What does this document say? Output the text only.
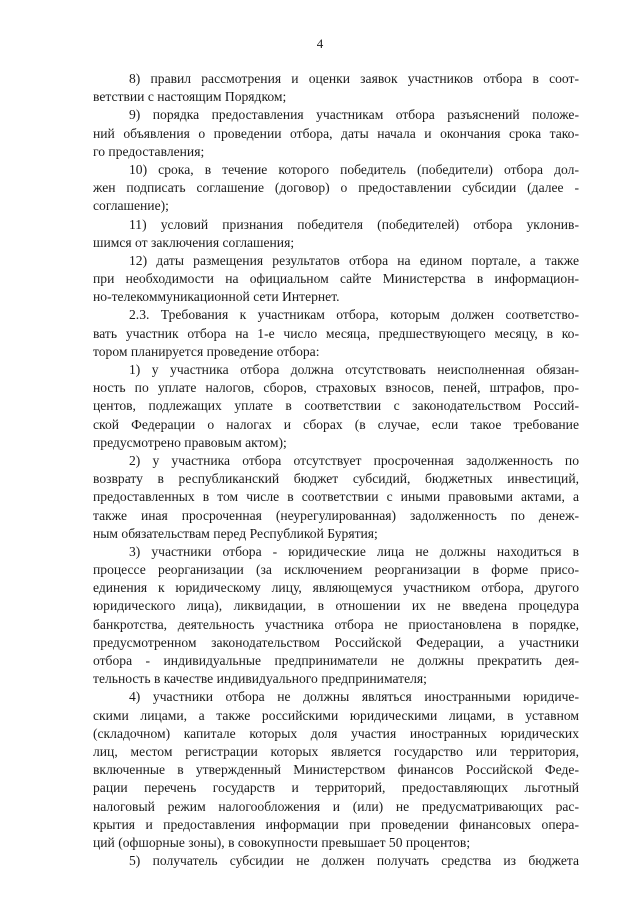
4
8) правил рассмотрения и оценки заявок участников отбора в соот-
ветствии с настоящим Порядком;
9) порядка предоставления участникам отбора разъяснений положе-
ний объявления о проведении отбора, даты начала и окончания срока тако-
го предоставления;
10) срока, в течение которого победитель (победители) отбора дол-
жен подписать соглашение (договор) о предоставлении субсидии (далее -
соглашение);
11) условий признания победителя (победителей) отбора уклонив-
шимся от заключения соглашения;
12) даты размещения результатов отбора на едином портале, а также
при необходимости на официальном сайте Министерства в информацион-
но-телекоммуникационной сети Интернет.
2.3. Требования к участникам отбора, которым должен соответство-
вать участник отбора на 1-е число месяца, предшествующего месяцу, в ко-
тором планируется проведение отбора:
1) у участника отбора должна отсутствовать неисполненная обязан-
ность по уплате налогов, сборов, страховых взносов, пеней, штрафов, про-
центов, подлежащих уплате в соответствии с законодательством Россий-
ской Федерации о налогах и сборах (в случае, если такое требование
предусмотрено правовым актом);
2) у участника отбора отсутствует просроченная задолженность по
возврату в республиканский бюджет субсидий, бюджетных инвестиций,
предоставленных в том числе в соответствии с иными правовыми актами, а
также иная просроченная (неурегулированная) задолженность по денеж-
ным обязательствам перед Республикой Бурятия;
3) участники отбора - юридические лица не должны находиться в
процессе реорганизации (за исключением реорганизации в форме присо-
единения к юридическому лицу, являющемуся участником отбора, другого
юридического лица), ликвидации, в отношении их не введена процедура
банкротства, деятельность участника отбора не приостановлена в порядке,
предусмотренном законодательством Российской Федерации, а участники
отбора - индивидуальные предприниматели не должны прекратить дея-
тельность в качестве индивидуального предпринимателя;
4) участники отбора не должны являться иностранными юридиче-
скими лицами, а также российскими юридическими лицами, в уставном
(складочном) капитале которых доля участия иностранных юридических
лиц, местом регистрации которых является государство или территория,
включенные в утвержденный Министерством финансов Российской Феде-
рации перечень государств и территорий, предоставляющих льготный
налоговый режим налогообложения и (или) не предусматривающих рас-
крытия и предоставления информации при проведении финансовых опера-
ций (офшорные зоны), в совокупности превышает 50 процентов;
5) получатель субсидии не должен получать средства из бюджета
